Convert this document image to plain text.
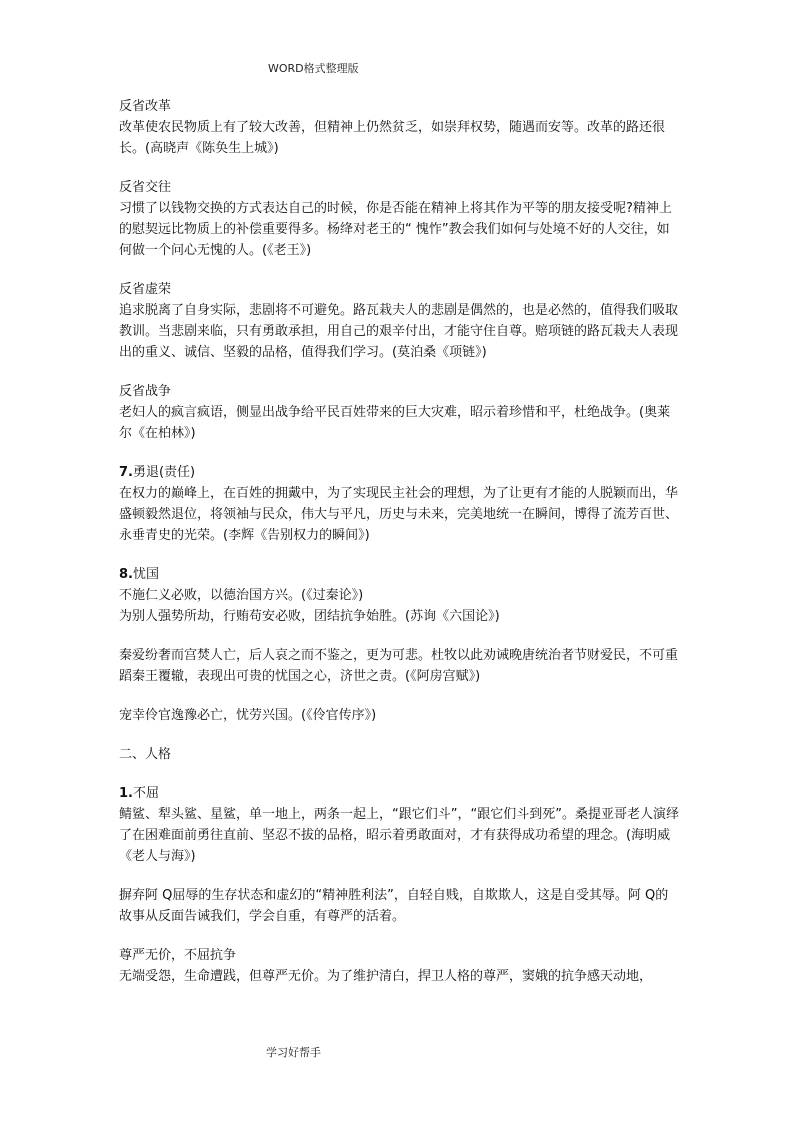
WORD格式整理版

反省改革

改革使农民物质上有了较大改善，但精神上仍然贫乏，如崇拜权势，随遇而安等。改革的路还很长。(高晓声《陈奂生上城》)

反省交往

习惯了以钱物交换的方式表达自己的时候，你是否能在精神上将其作为平等的朋友接受呢?精神上的慰契远比物质上的补偿重要得多。杨绛对老王的“ 愧怍”教会我们如何与处境不好的人交往，如何做一个问心无愧的人。(《老王》)

反省虚荣

追求脱离了自身实际，悲剧将不可避免。路瓦栽夫人的悲剧是偶然的，也是必然的，值得我们吸取教训。当悲剧来临，只有勇敢承担，用自己的艰辛付出，才能守住自尊。赔项链的路瓦栽夫人表现出的重义、诚信、坚毅的品格，值得我们学习。(莫泊桑《项链》)

反省战争

老妇人的疯言疯语，侧显出战争给平民百姓带来的巨大灾难，昭示着珍惜和平，杜绝战争。(奥莱尔《在柏林》)

7.勇退(责任)

在权力的巅峰上，在百姓的拥戴中，为了实现民主社会的理想，为了让更有才能的人脱颖而出，华盛顿毅然退位，将领袖与民众，伟大与平凡，历史与未来，完美地统一在瞬间，博得了流芳百世、永垂青史的光荣。(李辉《告别权力的瞬间》)

8.忧国

不施仁义必败，以德治国方兴。(《过秦论》)

为别人强势所劫，行贿苟安必败，团结抗争始胜。(苏询《六国论》)

秦爱纷奢而宫焚人亡，后人哀之而不鉴之，更为可悲。杜牧以此劝诫晚唐统治者节财爱民，不可重蹈秦王覆辙，表现出可贵的忧国之心，济世之责。(《阿房宫赋》)

宠幸伶官逸豫必亡，忧劳兴国。(《伶官传序》)

二、人格

1.不屈

鲭鲨、犁头鲨、星鲨，单一地上，两条一起上，“跟它们斗”，“跟它们斗到死”。桑提亚哥老人演绎了在困难面前勇往直前、坚忍不拔的品格，昭示着勇敢面对，才有获得成功希望的理念。(海明威《老人与海》)

摒弃阿 Q屈辱的生存状态和虚幻的“精神胜利法”，自轻自贱，自欺欺人，这是自受其辱。阿 Q的故事从反面告诫我们，学会自重，有尊严的活着。

尊严无价，不屈抗争

无端受怨，生命遭践，但尊严无价。为了维护清白，捍卫人格的尊严，窦娥的抗争感天动地，

学习好帮手
